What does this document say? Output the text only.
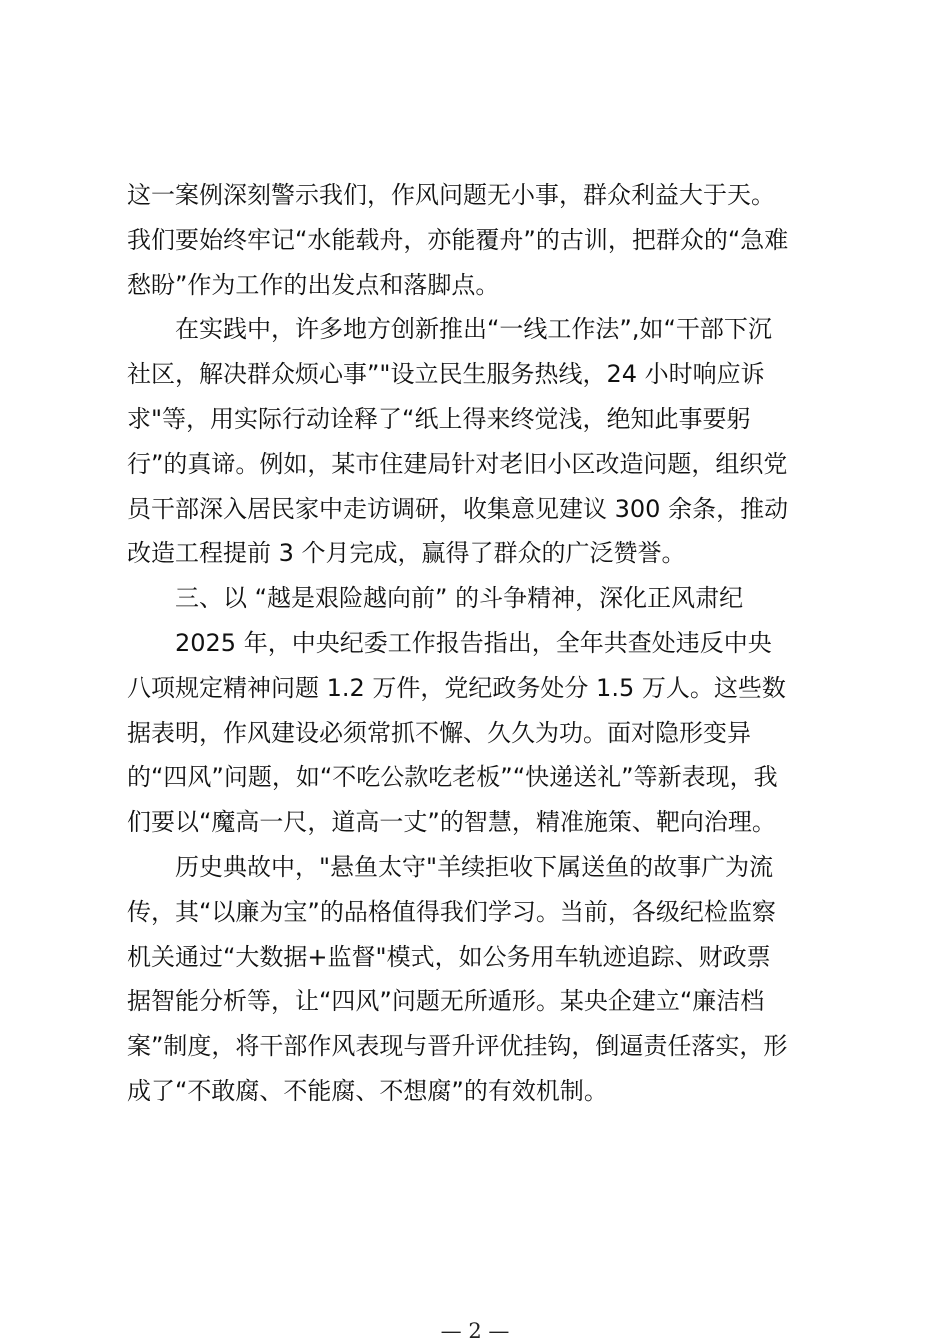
这一案例深刻警示我们，作风问题无小事，群众利益大于天。
我们要始终牢记“水能载舟，亦能覆舟”的古训，把群众的“急难
愁盼”作为工作的出发点和落脚点。
　　在实践中，许多地方创新推出“一线工作法”,如“干部下沉
社区，解决群众烦心事”"设立民生服务热线，24 小时响应诉
求"等，用实际行动诠释了“纸上得来终觉浅，绝知此事要躬
行”的真谛。例如，某市住建局针对老旧小区改造问题，组织党
员干部深入居民家中走访调研，收集意见建议 300 余条，推动
改造工程提前 3 个月完成，赢得了群众的广泛赞誉。
　　三、以 “越是艰险越向前” 的斗争精神，深化正风肃纪
　　2025 年，中央纪委工作报告指出，全年共查处违反中央
八项规定精神问题 1.2 万件，党纪政务处分 1.5 万人。这些数
据表明，作风建设必须常抓不懈、久久为功。面对隐形变异
的“四风”问题，如“不吃公款吃老板”“快递送礼”等新表现，我
们要以“魔高一尺，道高一丈”的智慧，精准施策、靶向治理。
　　历史典故中，"悬鱼太守"羊续拒收下属送鱼的故事广为流
传，其“以廉为宝”的品格值得我们学习。当前，各级纪检监察
机关通过“大数据+监督"模式，如公务用车轨迹追踪、财政票
据智能分析等，让“四风”问题无所遁形。某央企建立“廉洁档
案”制度，将干部作风表现与晋升评优挂钩，倒逼责任落实，形
成了“不敢腐、不能腐、不想腐”的有效机制。
— 2 —
